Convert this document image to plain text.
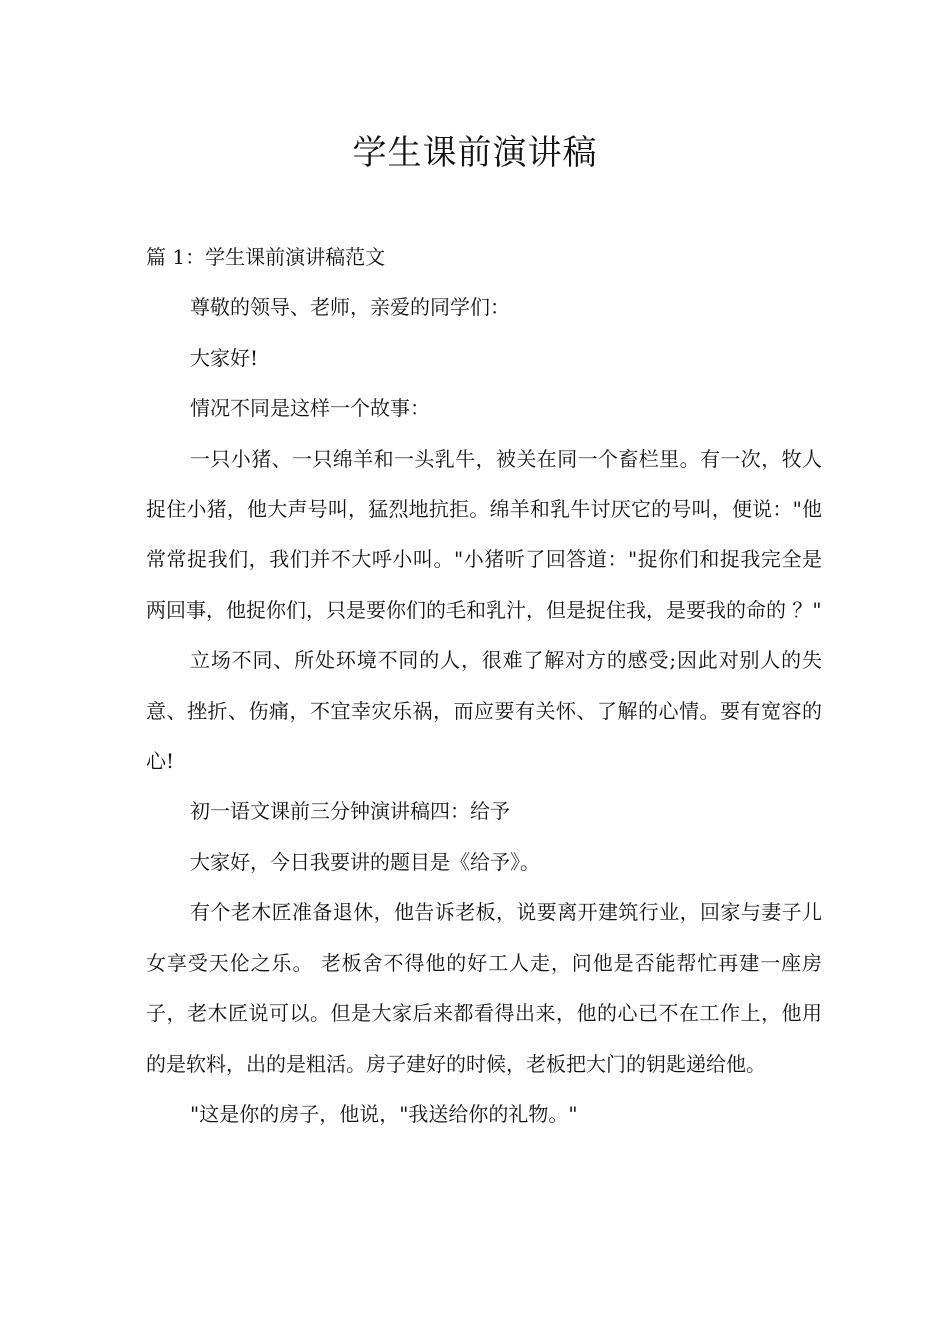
学生课前演讲稿

篇 1：学生课前演讲稿范文

尊敬的领导、老师，亲爱的同学们：

大家好!

情况不同是这样一个故事：

一只小猪、一只绵羊和一头乳牛，被关在同一个畜栏里。有一次，牧人捉住小猪，他大声号叫，猛烈地抗拒。绵羊和乳牛讨厌它的号叫，便说："他常常捉我们，我们并不大呼小叫。"小猪听了回答道："捉你们和捉我完全是两回事，他捉你们，只是要你们的毛和乳汁，但是捉住我，是要我的命的 ？"

立场不同、所处环境不同的人，很难了解对方的感受;因此对别人的失意、挫折、伤痛，不宜幸灾乐祸，而应要有关怀、了解的心情。要有宽容的心!

初一语文课前三分钟演讲稿四：给予

大家好，今日我要讲的题目是《给予》。

有个老木匠准备退休，他告诉老板，说要离开建筑行业，回家与妻子儿女享受天伦之乐。 老板舍不得他的好工人走，问他是否能帮忙再建一座房子，老木匠说可以。但是大家后来都看得出来，他的心已不在工作上，他用的是软料，出的是粗活。房子建好的时候，老板把大门的钥匙递给他。

"这是你的房子，他说，"我送给你的礼物。"
